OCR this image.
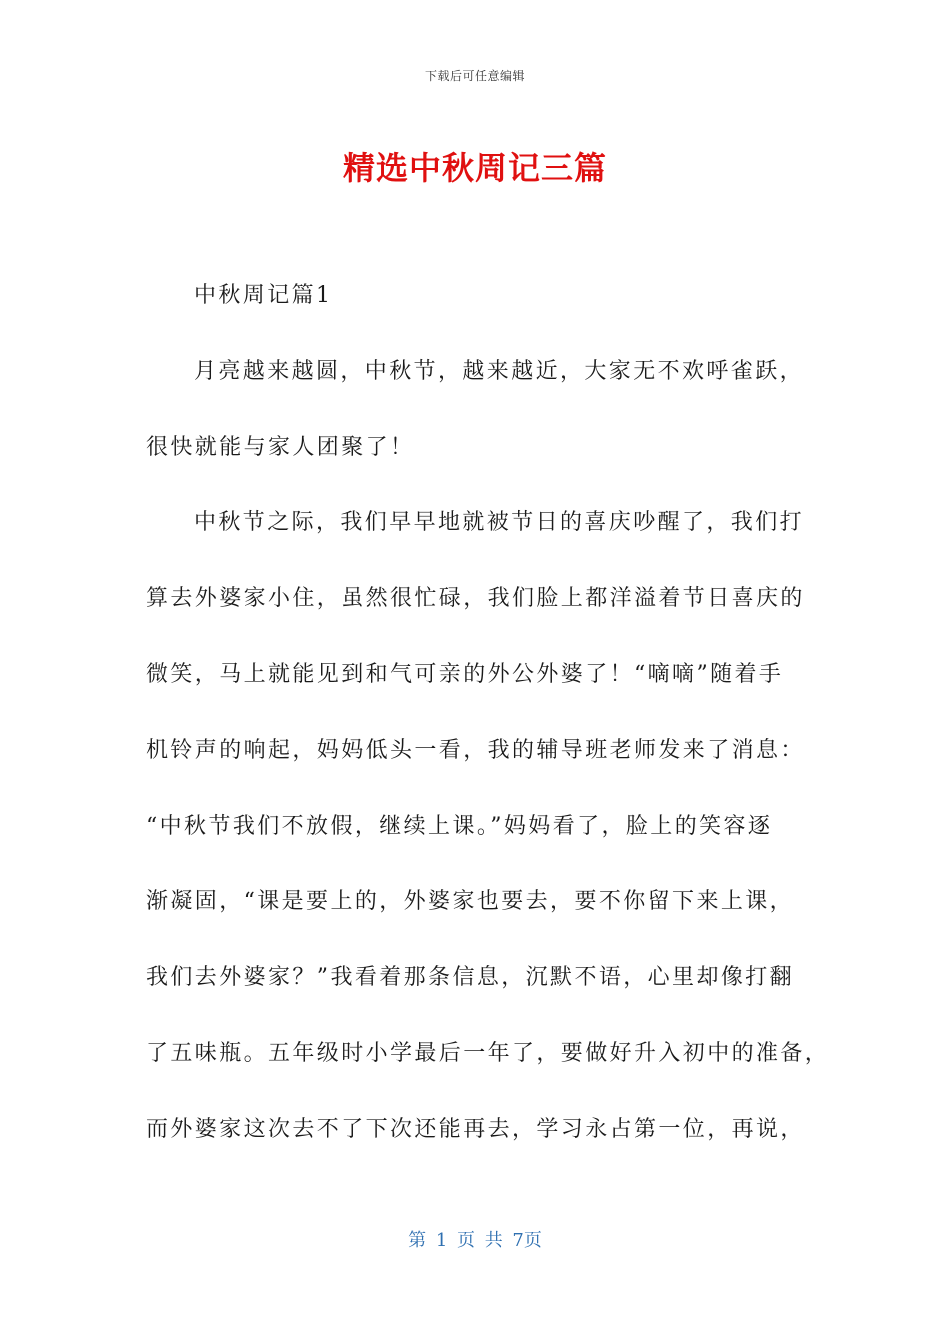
下载后可任意编辑
精选中秋周记三篇
中秋周记篇1
月亮越来越圆，中秋节，越来越近，大家无不欢呼雀跃，
很快就能与家人团聚了！
中秋节之际，我们早早地就被节日的喜庆吵醒了，我们打
算去外婆家小住，虽然很忙碌，我们脸上都洋溢着节日喜庆的
微笑，马上就能见到和气可亲的外公外婆了！“嘀嘀”随着手
机铃声的响起，妈妈低头一看，我的辅导班老师发来了消息：
“中秋节我们不放假，继续上课。”妈妈看了，脸上的笑容逐
渐凝固，“课是要上的，外婆家也要去，要不你留下来上课，
我们去外婆家？”我看着那条信息，沉默不语，心里却像打翻
了五味瓶。五年级时小学最后一年了，要做好升入初中的准备，
而外婆家这次去不了下次还能再去，学习永占第一位，再说，
第 1 页 共 7页
